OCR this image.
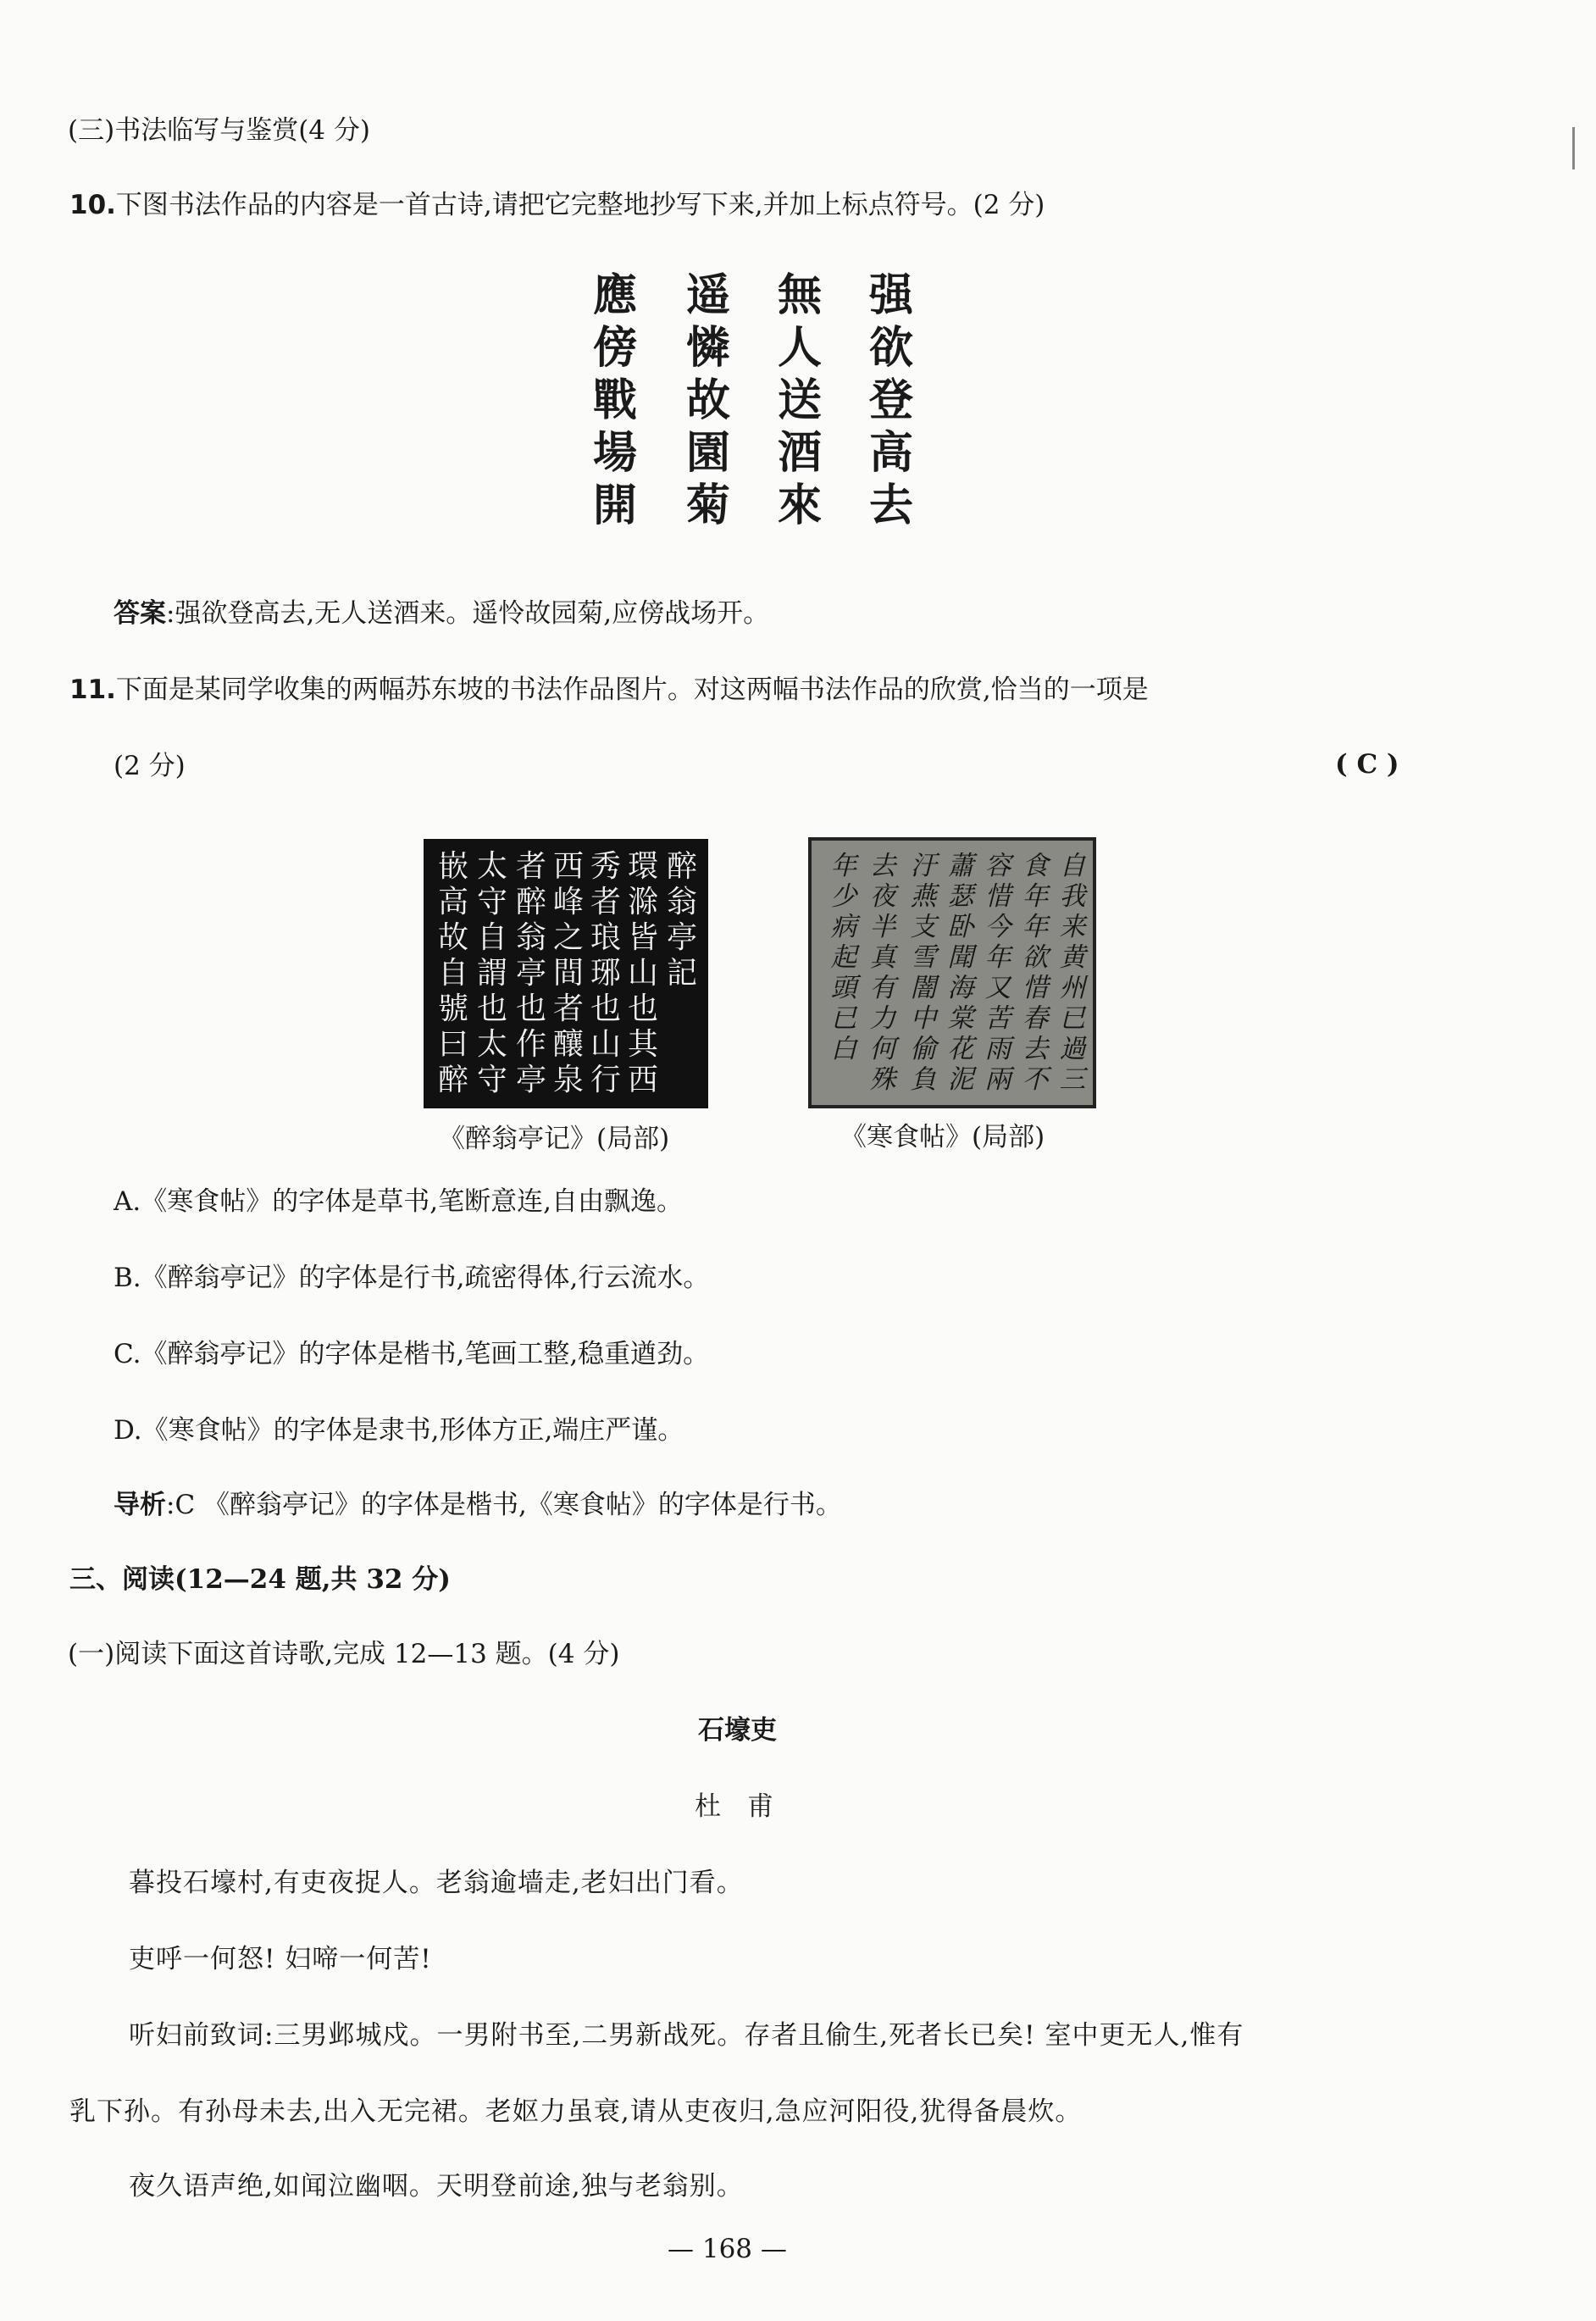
(三)书法临写与鉴赏(4 分)
10.下图书法作品的内容是一首古诗,请把它完整地抄写下来,并加上标点符号。(2 分)
應
傍
戰
場
開
遥
憐
故
園
菊
無
人
送
酒
來
强
欲
登
高
去
答案:强欲登高去,无人送酒来。遥怜故园菊,应傍战场开。
11.下面是某同学收集的两幅苏东坡的书法作品图片。对这两幅书法作品的欣赏,恰当的一项是
(2 分)	( C )
醉
翁
亭
記
環
滁
皆
山
也
其
西
秀
者
琅
琊
也
山
行
西
峰
之
間
者
釀
泉
者
醉
翁
亭
也
作
亭
太
守
自
謂
也
太
守
嵌
高
故
自
號
曰
醉
《醉翁亭记》(局部)
自
我
来
黄
州
已
過
三
食
年
年
欲
惜
春
去
不
容
惜
今
年
又
苦
雨
兩
蕭
瑟
卧
聞
海
棠
花
泥
汙
燕
支
雪
闇
中
偷
負
去
夜
半
真
有
力
何
殊
年
少
病
起
頭
已
白
《寒食帖》(局部)
A.《寒食帖》的字体是草书,笔断意连,自由飘逸。
B.《醉翁亭记》的字体是行书,疏密得体,行云流水。
C.《醉翁亭记》的字体是楷书,笔画工整,稳重遒劲。
D.《寒食帖》的字体是隶书,形体方正,端庄严谨。
导析:C 《醉翁亭记》的字体是楷书,《寒食帖》的字体是行书。
三、阅读(12—24 题,共 32 分)
(一)阅读下面这首诗歌,完成 12—13 题。(4 分)
石壕吏
杜　甫
暮投石壕村,有吏夜捉人。老翁逾墙走,老妇出门看。
吏呼一何怒! 妇啼一何苦!
听妇前致词:三男邺城戍。一男附书至,二男新战死。存者且偷生,死者长已矣! 室中更无人,惟有
乳下孙。有孙母未去,出入无完裙。老妪力虽衰,请从吏夜归,急应河阳役,犹得备晨炊。
夜久语声绝,如闻泣幽咽。天明登前途,独与老翁别。
— 168 —
